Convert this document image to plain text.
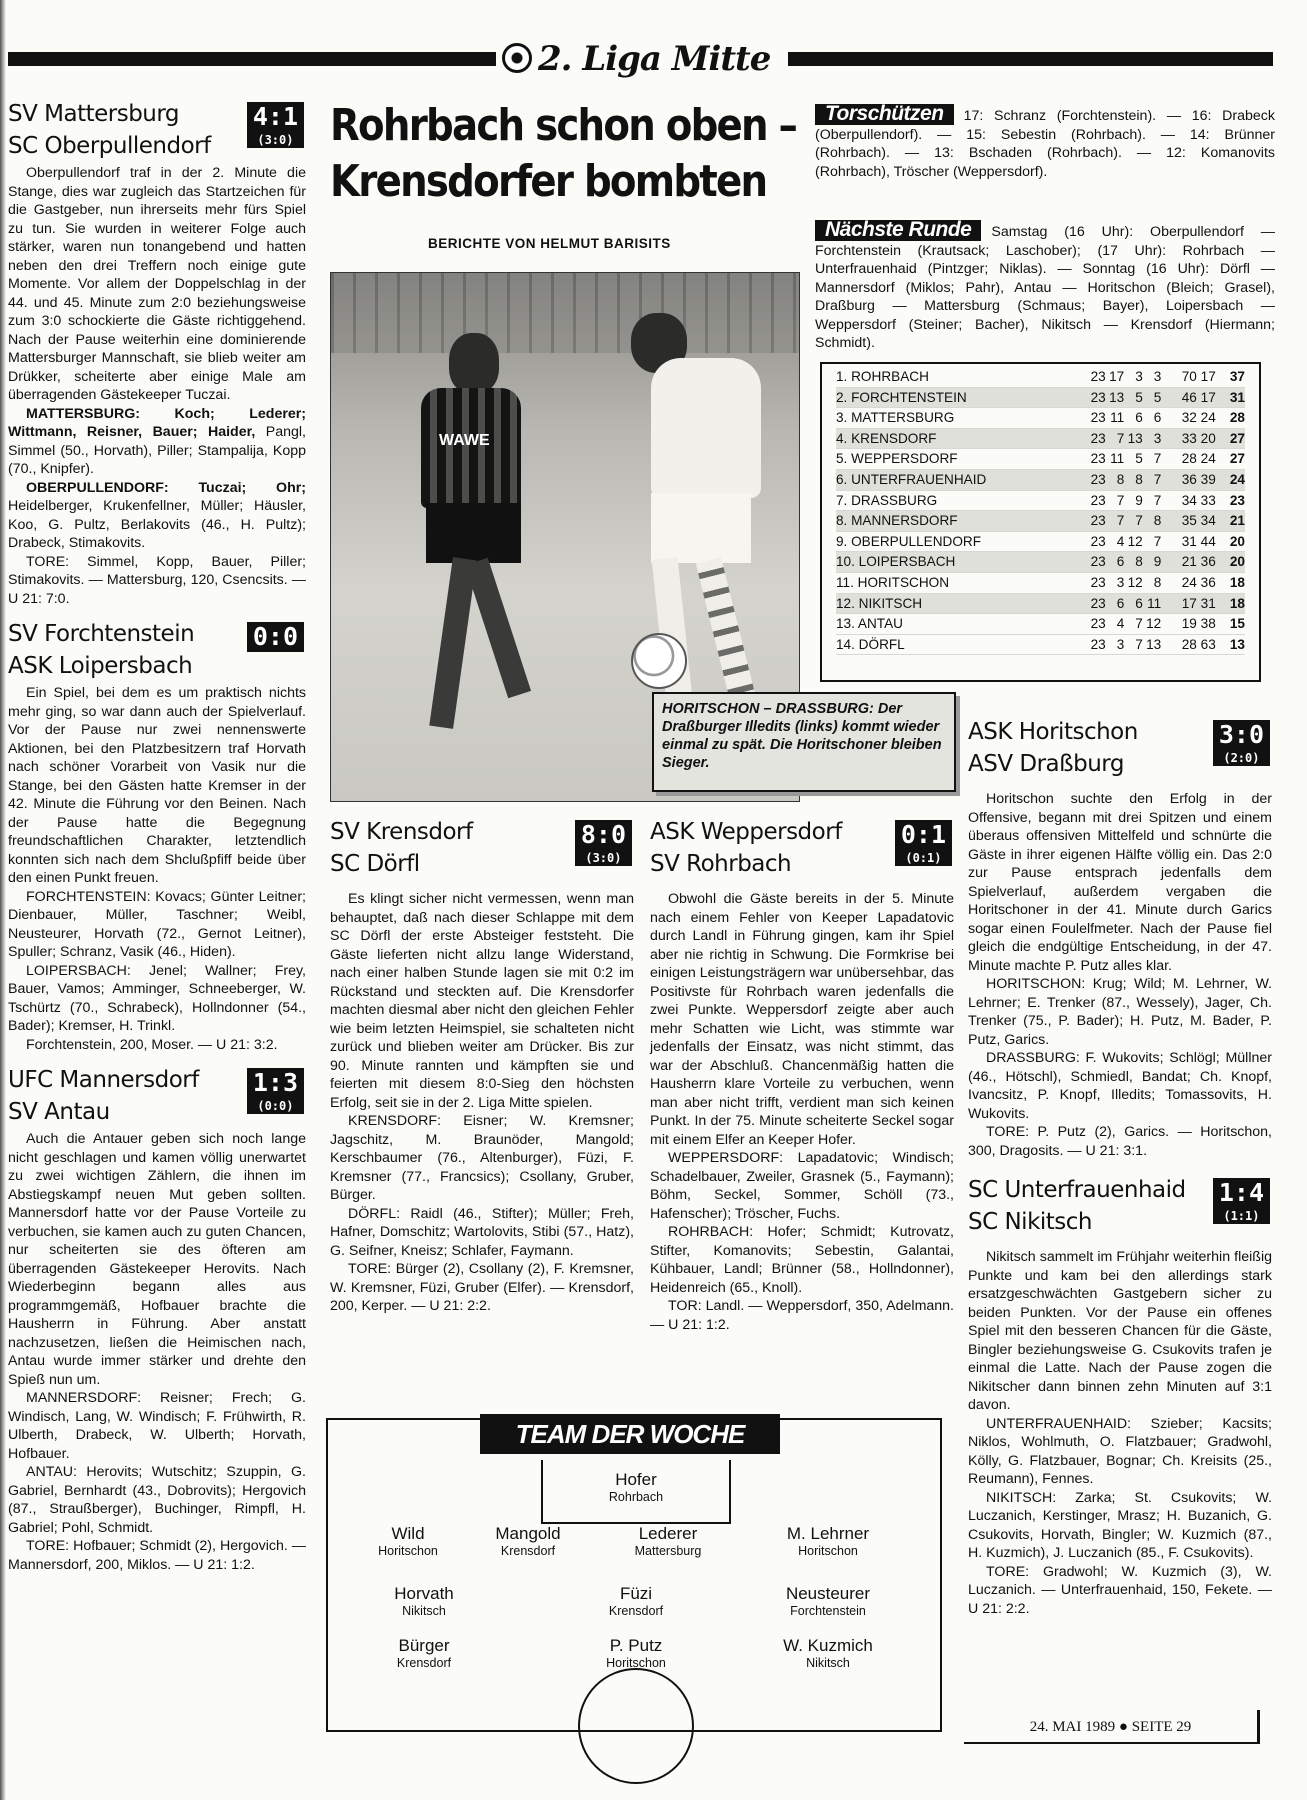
2. Liga Mitte
SV Mattersburg
SC Oberpullendorf
4:1
(3:0)

Oberpullendorf traf in der 2. Minute die Stange, dies war zugleich das Startzeichen für die Gastgeber, nun ihrerseits mehr fürs Spiel zu tun. Sie wurden in weiterer Folge auch stärker, waren nun tonangebend und hatten neben den drei Treffern noch einige gute Momente. Vor allem der Doppelschlag in der 44. und 45. Minute zum 2:0 beziehungsweise zum 3:0 schockierte die Gäste richtiggehend. Nach der Pause weiterhin eine dominierende Mattersburger Mannschaft, sie blieb weiter am Drükker, scheiterte aber einige Male am überragenden Gästekeeper Tuczai.

MATTERSBURG: Koch; Lederer; Wittmann, Reisner, Bauer; Haider, Pangl, Simmel (50., Horvath), Piller; Stampalija, Kopp (70., Knipfer).

OBERPULLENDORF: Tuczai; Ohr; Heidelberger, Krukenfellner, Müller; Häusler, Koo, G. Pultz, Berlakovits (46., H. Pultz); Drabeck, Stimakovits.

TORE: Simmel, Kopp, Bauer, Piller; Stimakovits. — Mattersburg, 120, Csencsits. — U 21: 7:0.

SV Forchtenstein
ASK Loipersbach
0:0

Ein Spiel, bei dem es um praktisch nichts mehr ging, so war dann auch der Spielverlauf. Vor der Pause nur zwei nennenswerte Aktionen, bei den Platzbesitzern traf Horvath nach schöner Vorarbeit von Vasik nur die Stange, bei den Gästen hatte Kremser in der 42. Minute die Führung vor den Beinen. Nach der Pause hatte die Begegnung freundschaftlichen Charakter, letztendlich konnten sich nach dem Shclußpfiff beide über den einen Punkt freuen.

FORCHTENSTEIN: Kovacs; Günter Leitner; Dienbauer, Müller, Taschner; Weibl, Neusteurer, Horvath (72., Gernot Leitner), Spuller; Schranz, Vasik (46., Hiden).

LOIPERSBACH: Jenel; Wallner; Frey, Bauer, Vamos; Amminger, Schneeberger, W. Tschürtz (70., Schrabeck), Hollndonner (54., Bader); Kremser, H. Trinkl.

Forchtenstein, 200, Moser. — U 21: 3:2.

UFC Mannersdorf
SV Antau
1:3
(0:0)

Auch die Antauer geben sich noch lange nicht geschlagen und kamen völlig unerwartet zu zwei wichtigen Zählern, die ihnen im Abstiegskampf neuen Mut geben sollten. Mannersdorf hatte vor der Pause Vorteile zu verbuchen, sie kamen auch zu guten Chancen, nur scheiterten sie des öfteren am überragenden Gästekeeper Herovits. Nach Wiederbeginn begann alles aus programmgemäß, Hofbauer brachte die Hausherrn in Führung. Aber anstatt nachzusetzen, ließen die Heimischen nach, Antau wurde immer stärker und drehte den Spieß nun um.

MANNERSDORF: Reisner; Frech; G. Windisch, Lang, W. Windisch; F. Frühwirth, R. Ulberth, Drabeck, W. Ulberth; Horvath, Hofbauer.

ANTAU: Herovits; Wutschitz; Szuppin, G. Gabriel, Bernhardt (43., Dobrovits); Hergovich (87., Straußberger), Buchinger, Rimpfl, H. Gabriel; Pohl, Schmidt.

TORE: Hofbauer; Schmidt (2), Hergovich. — Mannersdorf, 200, Miklos. — U 21: 1:2.

Rohrbach schon oben –
Krensdorfer bombten
BERICHTE VON HELMUT BARISITS
WAWE
HORITSCHON – DRASSBURG: Der Draßburger Illedits (links) kommt wieder einmal zu spät. Die Horitschoner bleiben Sieger.
SV Krensdorf
SC Dörfl
8:0
(3:0)

Es klingt sicher nicht vermessen, wenn man behauptet, daß nach dieser Schlappe mit dem SC Dörfl der erste Absteiger feststeht. Die Gäste lieferten nicht allzu lange Widerstand, nach einer halben Stunde lagen sie mit 0:2 im Rückstand und steckten auf. Die Krensdorfer machten diesmal aber nicht den gleichen Fehler wie beim letzten Heimspiel, sie schalteten nicht zurück und blieben weiter am Drücker. Bis zur 90. Minute rannten und kämpften sie und feierten mit diesem 8:0-Sieg den höchsten Erfolg, seit sie in der 2. Liga Mitte spielen.

KRENSDORF: Eisner; W. Kremsner; Jagschitz, M. Braunöder, Mangold; Kerschbaumer (76., Altenburger), Füzi, F. Kremsner (77., Francsics); Csollany, Gruber, Bürger.

DÖRFL: Raidl (46., Stifter); Müller; Freh, Hafner, Domschitz; Wartolovits, Stibi (57., Hatz), G. Seifner, Kneisz; Schlafer, Faymann.

TORE: Bürger (2), Csollany (2), F. Kremsner, W. Kremsner, Füzi, Gruber (Elfer). — Krensdorf, 200, Kerper. — U 21: 2:2.

ASK Weppersdorf
SV Rohrbach
0:1
(0:1)

Obwohl die Gäste bereits in der 5. Minute nach einem Fehler von Keeper Lapadatovic durch Landl in Führung gingen, kam ihr Spiel aber nie richtig in Schwung. Die Formkrise bei einigen Leistungsträgern war unübersehbar, das Positivste für Rohrbach waren jedenfalls die zwei Punkte. Weppersdorf zeigte aber auch mehr Schatten wie Licht, was stimmte war jedenfalls der Einsatz, was nicht stimmt, das war der Abschluß. Chancenmäßig hatten die Hausherrn klare Vorteile zu verbuchen, wenn man aber nicht trifft, verdient man sich keinen Punkt. In der 75. Minute scheiterte Seckel sogar mit einem Elfer an Keeper Hofer.

WEPPERSDORF: Lapadatovic; Windisch; Schadelbauer, Zweiler, Grasnek (5., Faymann); Böhm, Seckel, Sommer, Schöll (73., Hafenscher); Tröscher, Fuchs.

ROHRBACH: Hofer; Schmidt; Kutrovatz, Stifter, Komanovits; Sebestin, Galantai, Kühbauer, Landl; Brünner (58., Hollndonner), Heidenreich (65., Knoll).

TOR: Landl. — Weppersdorf, 350, Adelmann. — U 21: 1:2.

Torschützen 17: Schranz (Forchtenstein). — 16: Drabeck (Oberpullendorf). — 15: Sebestin (Rohrbach). — 14: Brünner (Rohrbach). — 13: Bschaden (Rohrbach). — 12: Komanovits (Rohrbach), Tröscher (Weppersdorf).

Nächste Runde Samstag (16 Uhr): Oberpullendorf — Forchtenstein (Krautsack; Laschober); (17 Uhr): Rohrbach — Unterfrauenhaid (Pintzger; Niklas). — Sonntag (16 Uhr): Dörfl — Mannersdorf (Miklos; Pahr), Antau — Horitschon (Bleich; Grasel), Draßburg — Mattersburg (Schmaus; Bayer), Loipersbach — Weppersdorf (Steiner; Bacher), Nikitsch — Krensdorf (Hiermann; Schmidt).

1. ROHRBACH	23 17 3 3	70 17	37
2. FORCHTENSTEIN	23 13 5 5	46 17	31
3. MATTERSBURG	23 11 6 6	32 24	28
4. KRENSDORF	23 7 13 3	33 20	27
5. WEPPERSDORF	23 11 5 7	28 24	27
6. UNTERFRAUENHAID	23 8 8 7	36 39	24
7. DRASSBURG	23 7 9 7	34 33	23
8. MANNERSDORF	23 7 7 8	35 34	21
9. OBERPULLENDORF	23 4 12 7	31 44	20
10. LOIPERSBACH	23 6 8 9	21 36	20
11. HORITSCHON	23 3 12 8	24 36	18
12. NIKITSCH	23 6 6 11	17 31	18
13. ANTAU	23 4 7 12	19 38	15
14. DÖRFL	23 3 7 13	28 63	13
ASK Horitschon
ASV Draßburg
3:0
(2:0)

Horitschon suchte den Erfolg in der Offensive, begann mit drei Spitzen und einem überaus offensiven Mittelfeld und schnürte die Gäste in ihrer eigenen Hälfte völlig ein. Das 2:0 zur Pause entsprach jedenfalls dem Spielverlauf, außerdem vergaben die Horitschoner in der 41. Minute durch Garics sogar einen Foulelfmeter. Nach der Pause fiel gleich die endgültige Entscheidung, in der 47. Minute machte P. Putz alles klar.

HORITSCHON: Krug; Wild; M. Lehrner, W. Lehrner; E. Trenker (87., Wessely), Jager, Ch. Trenker (75., P. Bader); H. Putz, M. Bader, P. Putz, Garics.

DRASSBURG: F. Wukovits; Schlögl; Müllner (46., Hötschl), Schmiedl, Bandat; Ch. Knopf, Ivancsitz, P. Knopf, Illedits; Tomassovits, H. Wukovits.

TORE: P. Putz (2), Garics. — Horitschon, 300, Dragosits. — U 21: 3:1.

SC Unterfrauenhaid
SC Nikitsch
1:4
(1:1)

Nikitsch sammelt im Frühjahr weiterhin fleißig Punkte und kam bei den allerdings stark ersatzgeschwächten Gastgebern sicher zu beiden Punkten. Vor der Pause ein offenes Spiel mit den besseren Chancen für die Gäste, Bingler beziehungsweise G. Csukovits trafen je einmal die Latte. Nach der Pause zogen die Nikitscher dann binnen zehn Minuten auf 3:1 davon.

UNTERFRAUENHAID: Szieber; Kacsits; Niklos, Wohlmuth, O. Flatzbauer; Gradwohl, Kölly, G. Flatzbauer, Bognar; Ch. Kreisits (25., Reumann), Fennes.

NIKITSCH: Zarka; St. Csukovits; W. Luczanich, Kerstinger, Mrasz; H. Buzanich, G. Csukovits, Horvath, Bingler; W. Kuzmich (87., H. Kuzmich), J. Luczanich (85., F. Csukovits).

TORE: Gradwohl; W. Kuzmich (3), W. Luczanich. — Unterfrauenhaid, 150, Fekete. — U 21: 2:2.

TEAM DER WOCHE
Hofer
Rohrbach
Wild
Horitschon
Mangold
Krensdorf
Lederer
Mattersburg
M. Lehrner
Horitschon
Horvath
Nikitsch
Füzi
Krensdorf
Neusteurer
Forchtenstein
Bürger
Krensdorf
P. Putz
Horitschon
W. Kuzmich
Nikitsch
24. MAI 1989 ● SEITE 29
